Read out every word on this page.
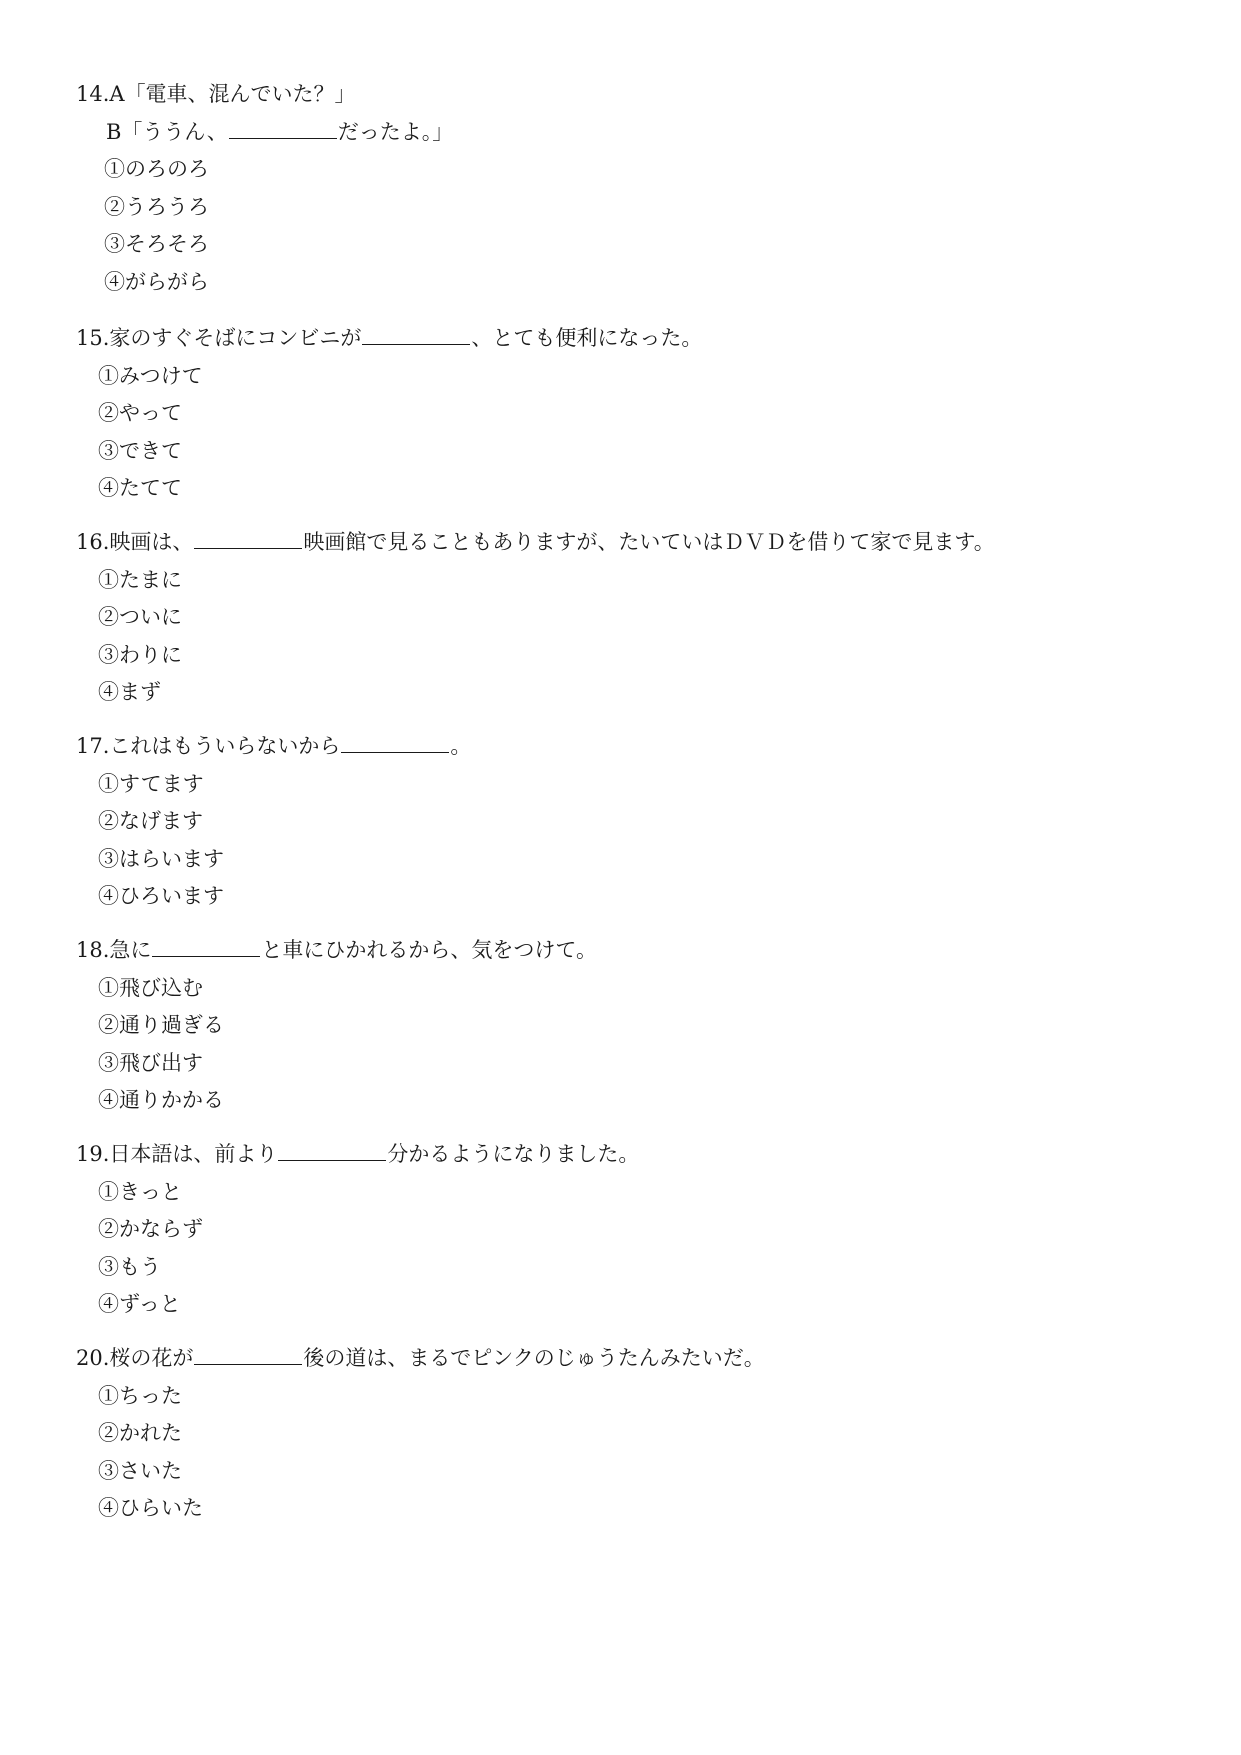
14.A「電車、混んでいた？」
B「ううん、	だったよ。」
①のろのろ
②うろうろ
③そろそろ
④がらがら
15.家のすぐそばにコンビニが	、とても便利になった。
①みつけて
②やって
③できて
④たてて
16.映画は、	映画館で見ることもありますが、たいていはＤＶＤを借りて家で見ます。
①たまに
②ついに
③わりに
④まず
17.これはもういらないから	。
①すてます
②なげます
③はらいます
④ひろいます
18.急に	と車にひかれるから、気をつけて。
①飛び込む
②通り過ぎる
③飛び出す
④通りかかる
19.日本語は、前より	分かるようになりました。
①きっと
②かならず
③もう
④ずっと
20.桜の花が	後の道は、まるでピンクのじゅうたんみたいだ。
①ちった
②かれた
③さいた
④ひらいた
